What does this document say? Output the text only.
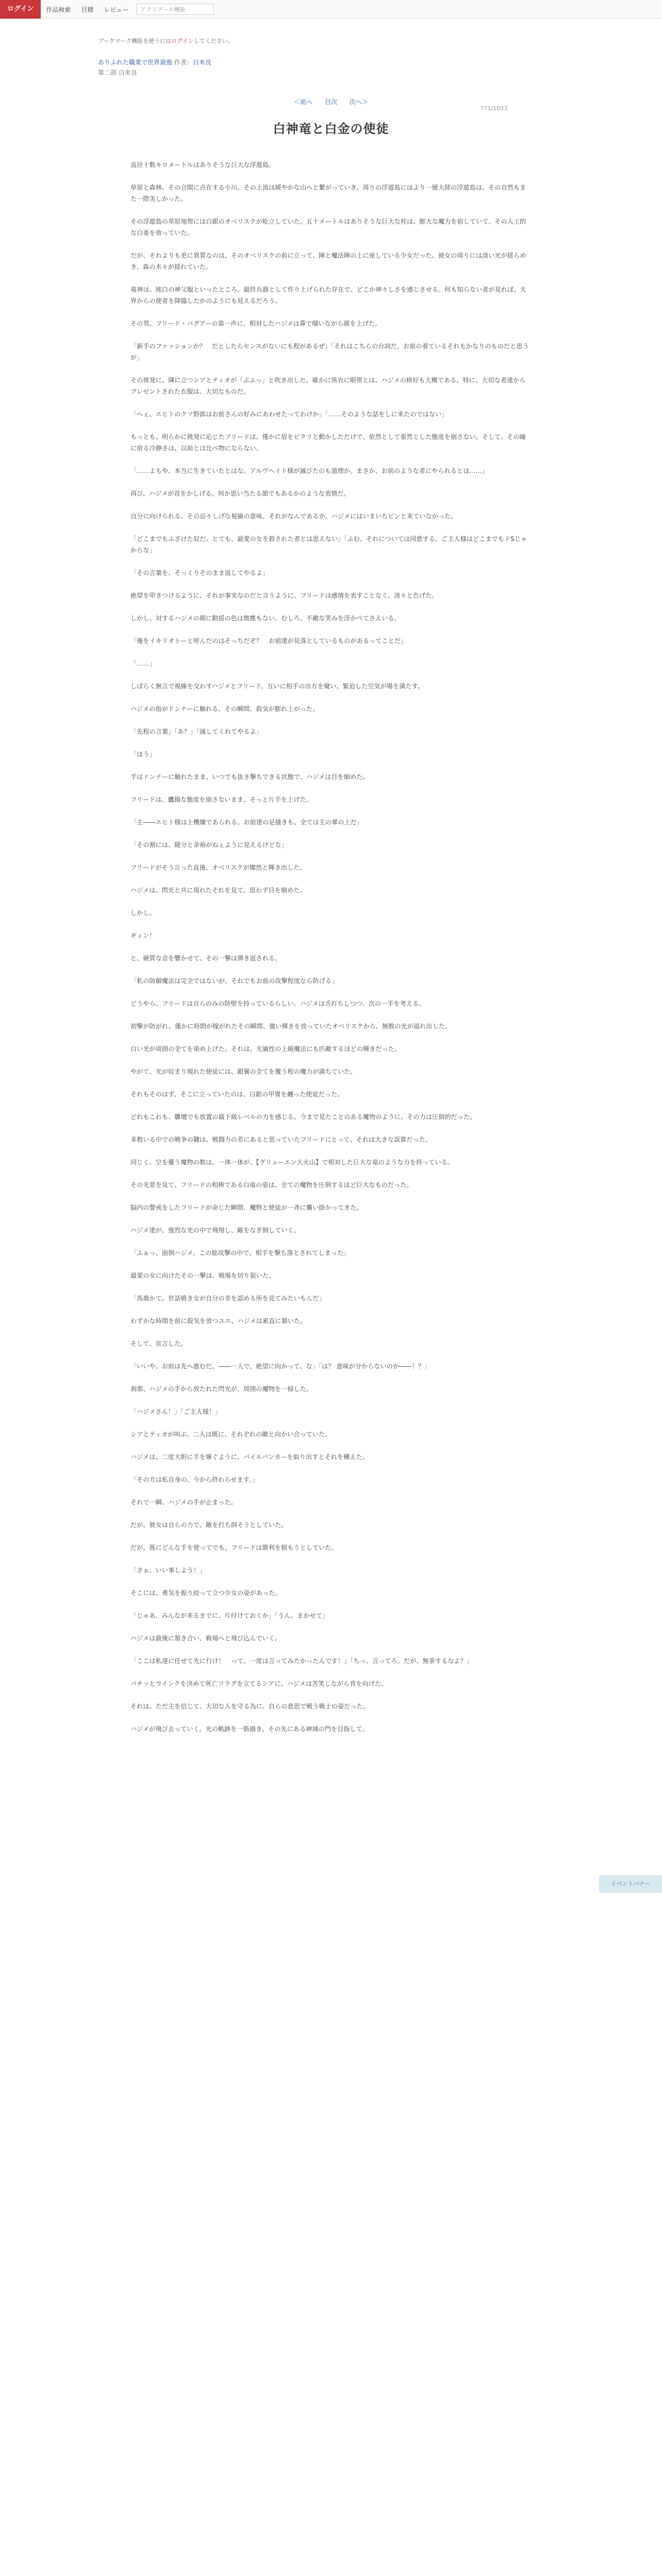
ログイン	作品検索	目標	レビュー	アクリアール機能
ブックマーク機能を使うにはログインしてください。
ありふれた職業で世界最強 作者：白米良
第二部 白米良
＜前へ 目次 次へ＞
771/1033
白神竜と白金の使徒

直径十数キロメートルはありそうな巨大な浮遊島。

草原と森林、その合間に点在する小川。その上流は緩やかな山へと繋がっていき、周りの浮遊島にはより一層大陸の浮遊島は、その自然もまた一際美しかった。

その浮遊島の草原地帯には白銀のオベリスクが屹立していた。五十メートルはありそうな巨大な柱は、膨大な魔力を宿していて、その人工的な白亜を放っていた。

だが、それよりも更に異質なのは、そのオベリスクの前に立って、陣と魔法陣の上に座している少女だった。彼女の周りには淡い光が揺らめき、森の木々が揺れていた。

竜神は、純白の神父服といったところ。最終兵器として作り上げられた存在で、どこか神々しさを感じさせる。何も知らない者が見れば、天界からの使者を降臨したかのようにも見えるだろう。

その男、フリード・バグアーの第一声に、相対したハジメは鼻で嗤いながら顔を上げた。

「新手のファッションか？　だとしたらセンスがないにも程があるぜ」「それはこちらの台詞だ。お前の着ているそれもかなりのものだと思うが」

その挑発に、隣に立つシアとティオが「ぷふっ」と吹き出した。確かに黒衣に眼帯とは、ハジメの格好も大概である。特に、大切な者達からプレゼントされた衣服は、大切なものだ。

「へぇ、エヒトのクソ野郎はお前さんの好みにあわせたってわけか」「……そのような話をしに来たのではない」

もっとも、明らかに挑発に応じたフリードは、僅かに眉をピクリと動かしただけで、依然として泰然とした態度を崩さない。そして、その瞳に宿る冷静さは、以前とは比べ物にならない。

「……よもや、本当に生きていたとはな。アルヴヘイト様が滅びたのも道理か。まさか、お前のような者にやられるとは……」

再び、ハジメが首をかしげる。何か思い当たる節でもあるかのような表情だ。

自分に向けられる、その忌々しげな視線の意味。それがなんであるか、ハジメにはいまいちピンと来ていなかった。

「どこまでもふざけた奴だ。とても、最愛の女を殺された者とは思えない」「ふむ。それについては同意する。ご主人様はどこまでもドSじゃからな」

「その言葉を、そっくりそのまま返してやるよ」

絶望を叩きつけるように、それが事実なのだと言うように、フリードは感情を表すことなく、淡々と告げた。

しかし、対するハジメの顔に動揺の色は微塵もない。むしろ、不敵な笑みを浮かべてさえいる。

「俺をイキリオトーと呼んだのはそっちだぞ？　お前達が見落としているものがあるってことだ」

「……」

しばらく無言で視線を交わすハジメとフリード。互いに相手の出方を窺い、緊迫した空気が場を満たす。

ハジメの指がドンナーに触れる。その瞬間、殺気が膨れ上がった。

「先程の言葉」「あ？」「滅してくれてやるよ」

「ほう」

手はドンナーに触れたまま、いつでも抜き撃ちできる状態で、ハジメは目を細めた。

フリードは、鷹揚な態度を崩さないまま、そっと片手を上げた。

「主――エヒト様は上機嫌であられる。お前達の足掻きも、全ては主の掌の上だ」

「その割には、随分と余裕がねぇように見えるけどな」

フリードがそう言った直後、オベリスクが燦然と輝き出した。

ハジメは、閃光と共に現れたそれを見て、思わず目を細めた。

しかし。

ギィン！

と、硬質な音を響かせて、その一撃は弾き返される。

「私の防御魔法は完全ではないが、それでもお前の攻撃程度なら防げる」

どうやら、フリードは自らのみの防壁を持っているらしい。ハジメは舌打ちしつつ、次の一手を考える。

初撃が防がれ、僅かに時間が稼がれたその瞬間、強い輝きを放っていたオベリスクから、無数の光が溢れ出した。

白い光が周囲の全てを染め上げた。それは、光属性の上級魔法にも匹敵するほどの輝きだった。

やがて、光が収まり現れた使徒には、銀翼の全てを覆う程の魔力が満ちていた。

それもそのはず、そこに立っていたのは、白銀の甲冑を纏った使徒だった。

どれもこれも、雛壇でも放置の最下級レベルの力を感じる。今まで見たことのある魔物のように、その力は圧倒的だった。

多数いる中での戦争の鍵は、戦闘力の差にあると思っていたフリードにとって、それは大きな誤算だった。

同じく、空を覆う魔物の数は、一体一体が、【グリューエン大火山】で相対した巨大な竜のような力を持っている。

その光景を見て、フリードの相棒である白竜の姿は、全ての魔物を圧倒するほど巨大なものだった。

脳内の警戒をしたフリードが命じた瞬間、魔物と使徒が一斉に襲い掛かってきた。

ハジメ達が、強烈な光の中で飛翔し、敵をなぎ倒していく。

「ふぁっ、面倒ハジメ。この総攻撃の中で、相手を撃ち落とされてしまった」

最愛の女に向けたその一撃は、戦場を切り裂いた。

「馬鹿かて。世話焼き女が自分の非を認める所を見てみたいもんだ」

わずかな時間を前に殺気を放つユエ、ハジメは素直に頷いた。

そして、宣言した。

「いいや。お前は先へ進むだ。――一人で、絶望に向かって、な」「は？ 意味が分からないのか――！？」

刹那、ハジメの手から放たれた閃光が、周囲の魔物を一掃した。

「ハジメさん！」「ご主人様！」

シアとティオが叫ぶ。二人は既に、それぞれの敵と向かい合っていた。

ハジメは、二度大胆に手を薙ぐように、パイルバンカーを取り出すとそれを構えた。

「その方は私自身の、今から終わらせます。」

それで一瞬、ハジメの手が止まった。

だが、彼女は自らの力で、敵を打ち倒そうとしていた。

だが、既にどんな手を使ってでも、フリードは勝利を掴もうとしていた。

「さぁ、いい事しよう！」

そこには、勇気を振り絞って立つ少女の姿があった。

「じゃあ、みんなが来るまでに、片付けておくか」「うん。まかせて」

ハジメは最後に頷き合い、戦場へと飛び込んでいく。

「ここは私達に任せて先に行け！　って、一度は言ってみたかったんです！」「ちっ、言ってろ。だが、無茶するなよ？」

パチッとウインクを決めて死亡フラグを立てるシアに、ハジメは苦笑しながら背を向けた。

それは、ただ主を信じて、大切な人を守る為に、自らの意思で戦う戦士の姿だった。

ハジメが飛び去っていく。光の軌跡を一筋描き、その先にある神域の門を目指して。

イベントバナー
